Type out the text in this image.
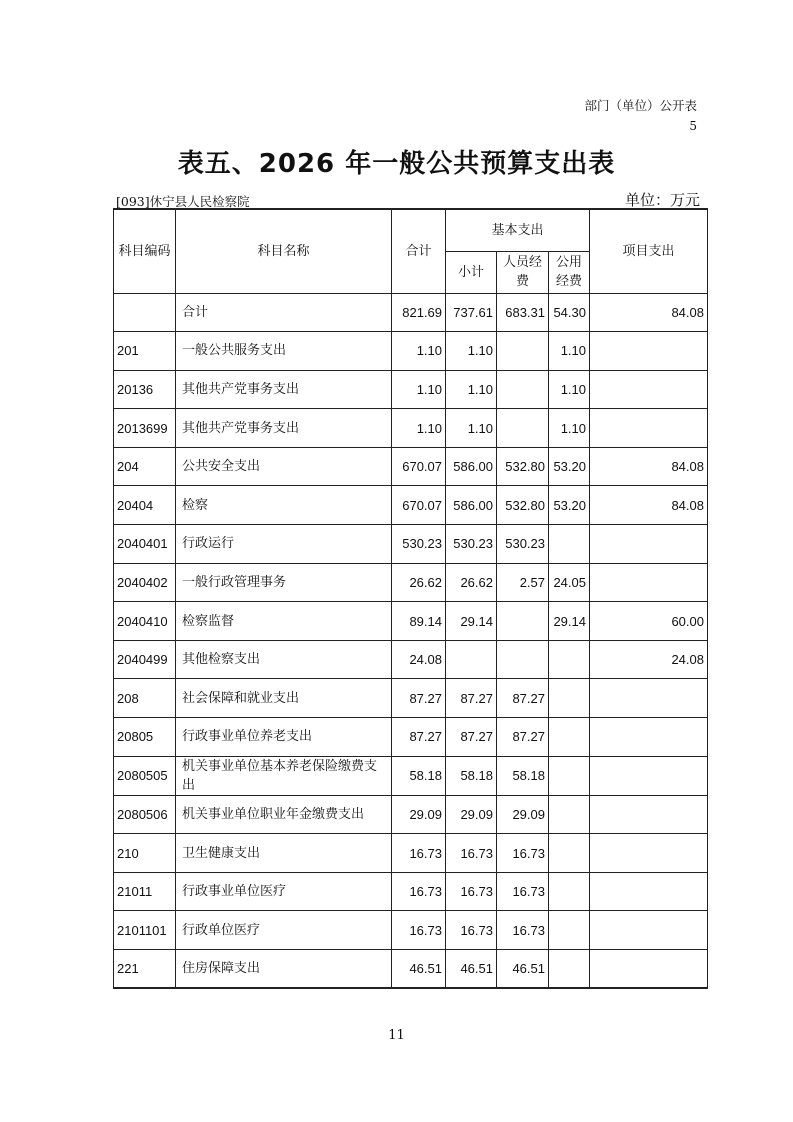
部门（单位）公开表
5
表五、2026 年一般公共预算支出表
[093]休宁县人民检察院	单位：万元
科目编码	科目名称	合计	基本支出			项目支出
			小计	人员经费	公用经费	
	合计	821.69	737.61	683.31	54.30	84.08
201	一般公共服务支出	1.10	1.10		1.10	
20136	其他共产党事务支出	1.10	1.10		1.10	
2013699	其他共产党事务支出	1.10	1.10		1.10	
204	公共安全支出	670.07	586.00	532.80	53.20	84.08
20404	检察	670.07	586.00	532.80	53.20	84.08
2040401	行政运行	530.23	530.23	530.23		
2040402	一般行政管理事务	26.62	26.62	2.57	24.05	
2040410	检察监督	89.14	29.14		29.14	60.00
2040499	其他检察支出	24.08				24.08
208	社会保障和就业支出	87.27	87.27	87.27		
20805	行政事业单位养老支出	87.27	87.27	87.27		
2080505	机关事业单位基本养老保险缴费支出	58.18	58.18	58.18		
2080506	机关事业单位职业年金缴费支出	29.09	29.09	29.09		
210	卫生健康支出	16.73	16.73	16.73		
21011	行政事业单位医疗	16.73	16.73	16.73		
2101101	行政单位医疗	16.73	16.73	16.73		
221	住房保障支出	46.51	46.51	46.51		
11
